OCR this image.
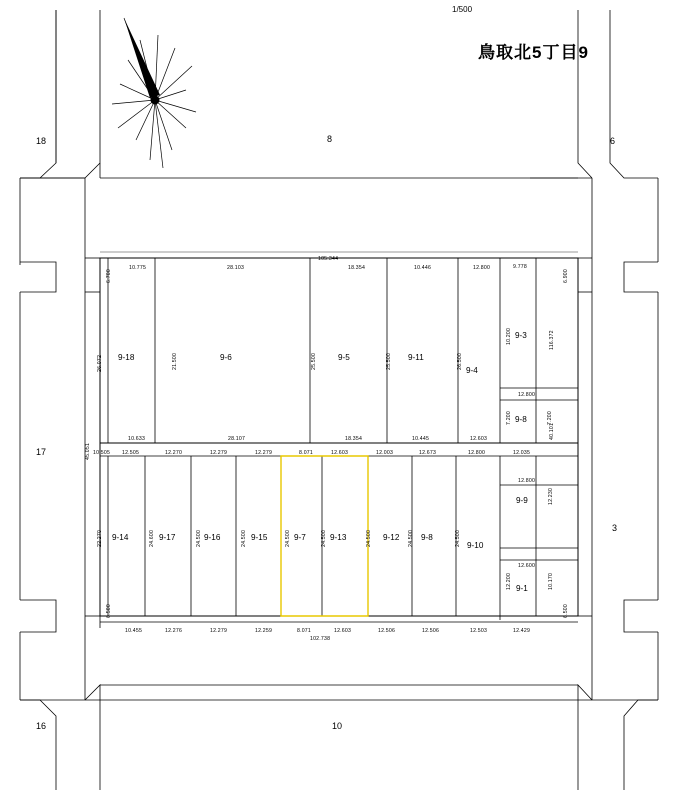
1/500
鳥取北5丁目9
18	8	6
17
3
16	10
9-18	9-6	9-5	9-11
9-4
9-3
9-8
9-14	9-17	9-16	9-15	9-7	9-13	9-12	9-8
9-10
9-9
9-1
10.775	28.103
105.344
18.354	10.446	12.800	9.778
10.633	28.107	18.354	10.445	12.603
10.505 12.505	12.270	12.279	12.279	8.071	12.603	12.003	12.673	12.800	12.035
10.455	12.276	12.279	12.259	8.071	12.603	12.506	12.506	12.503	12.429
102.738
6.700
26.072	21.500	25.500	25.500	26.500
10.200
12.800
7.200	7.200
116.372
6.900
45.051
40.101
6.500
22.270	24.600	24.500	24.500	24.500	24.500	24.500	24.500	24.500
12.800
12.230
12.600
12.200	10.170
6.500
